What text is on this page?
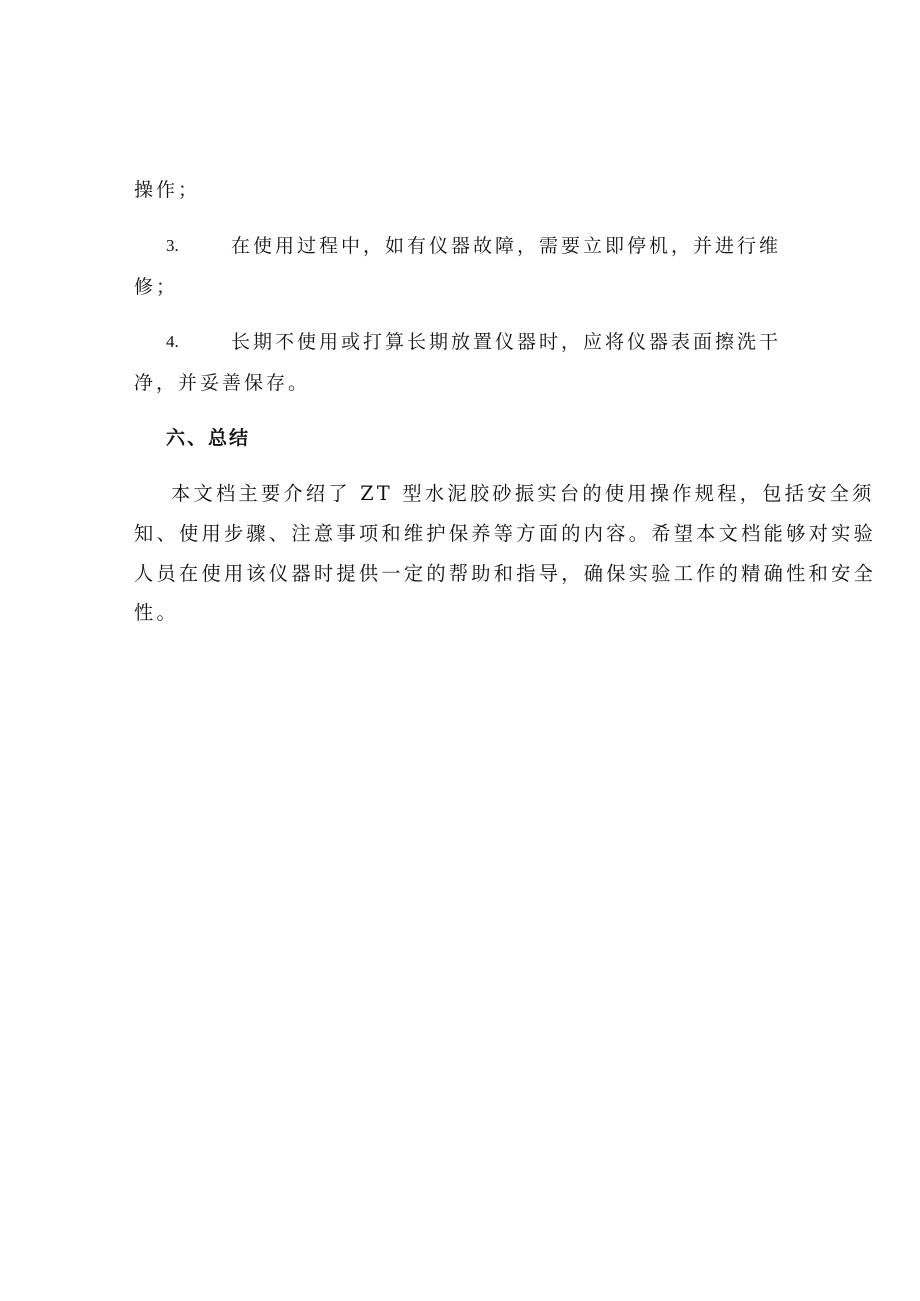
操作；
3.	在使用过程中，如有仪器故障，需要立即停机，并进行维
修；
4.	长期不使用或打算长期放置仪器时，应将仪器表面擦洗干
净，并妥善保存。
六、总结
本文档主要介绍了 ZT 型水泥胶砂振实台的使用操作规程，包括安全须
知、使用步骤、注意事项和维护保养等方面的内容。希望本文档能够对实验
人员在使用该仪器时提供一定的帮助和指导，确保实验工作的精确性和安全
性。
